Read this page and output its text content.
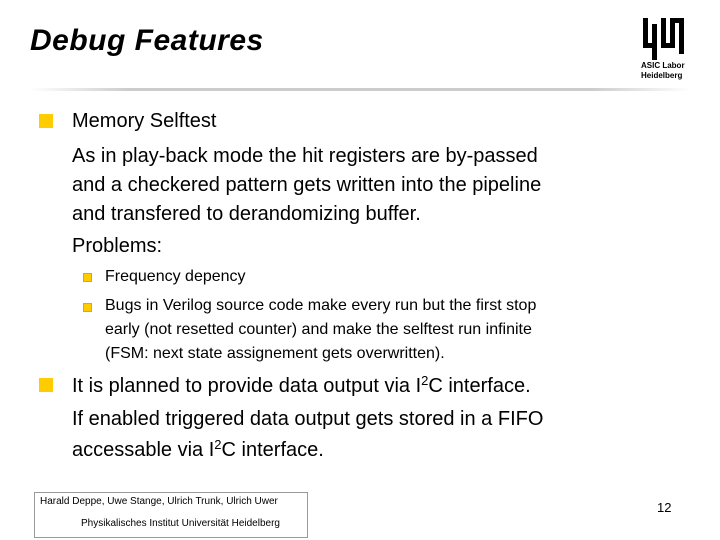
Debug Features
ASIC Labor
Heidelberg
Memory Selftest
As in play-back mode the hit registers are by-passed
and a checkered pattern gets written into the pipeline
and transfered to derandomizing buffer.
Problems:
Frequency depency
Bugs in Verilog source code make every run but the first stop
early (not resetted counter) and make the selftest run infinite
(FSM: next state assignement gets overwritten).
It is planned to provide data output via $I^2C$ interface.
If enabled triggered data output gets stored in a FIFO
accessable via $I^2C$ interface.
Harald Deppe, Uwe Stange, Ulrich Trunk, Ulrich Uwer
Physikalisches Institut Universität Heidelberg
12
